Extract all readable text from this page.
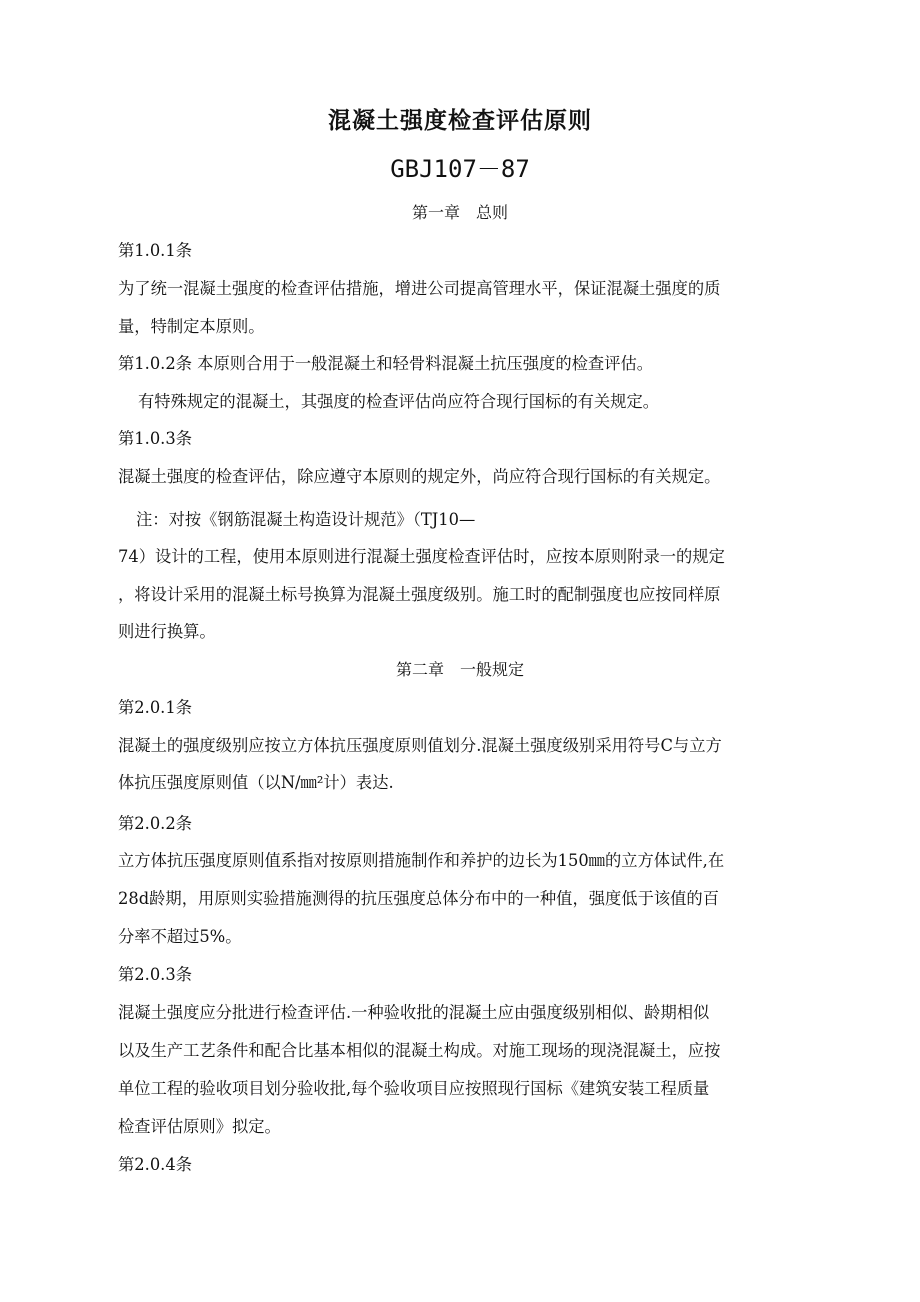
混凝土强度检查评估原则
GBJ107－87
第一章　总则
第1.0.1条
为了统一混凝土强度的检查评估措施，增进公司提高管理水平，保证混凝土强度的质
量，特制定本原则。
第1.0.2条 本原则合用于一般混凝土和轻骨料混凝土抗压强度的检查评估。
有特殊规定的混凝土，其强度的检查评估尚应符合现行国标的有关规定。
第1.0.3条
混凝土强度的检查评估，除应遵守本原则的规定外，尚应符合现行国标的有关规定。
注：对按《钢筋混凝土构造设计规范》（TJ10—
74）设计的工程，使用本原则进行混凝土强度检查评估时，应按本原则附录一的规定
，将设计采用的混凝土标号换算为混凝土强度级别。施工时的配制强度也应按同样原
则进行换算。
第二章　一般规定
第2.0.1条
混凝土的强度级别应按立方体抗压强度原则值划分.混凝土强度级别采用符号C与立方
体抗压强度原则值（以N/㎜²计）表达.
第2.0.2条
立方体抗压强度原则值系指对按原则措施制作和养护的边长为150㎜的立方体试件,在
28d龄期，用原则实验措施测得的抗压强度总体分布中的一种值，强度低于该值的百
分率不超过5%。
第2.0.3条
混凝土强度应分批进行检查评估.一种验收批的混凝土应由强度级别相似、龄期相似
以及生产工艺条件和配合比基本相似的混凝土构成。对施工现场的现浇混凝土，应按
单位工程的验收项目划分验收批,每个验收项目应按照现行国标《建筑安装工程质量
检查评估原则》拟定。
第2.0.4条
